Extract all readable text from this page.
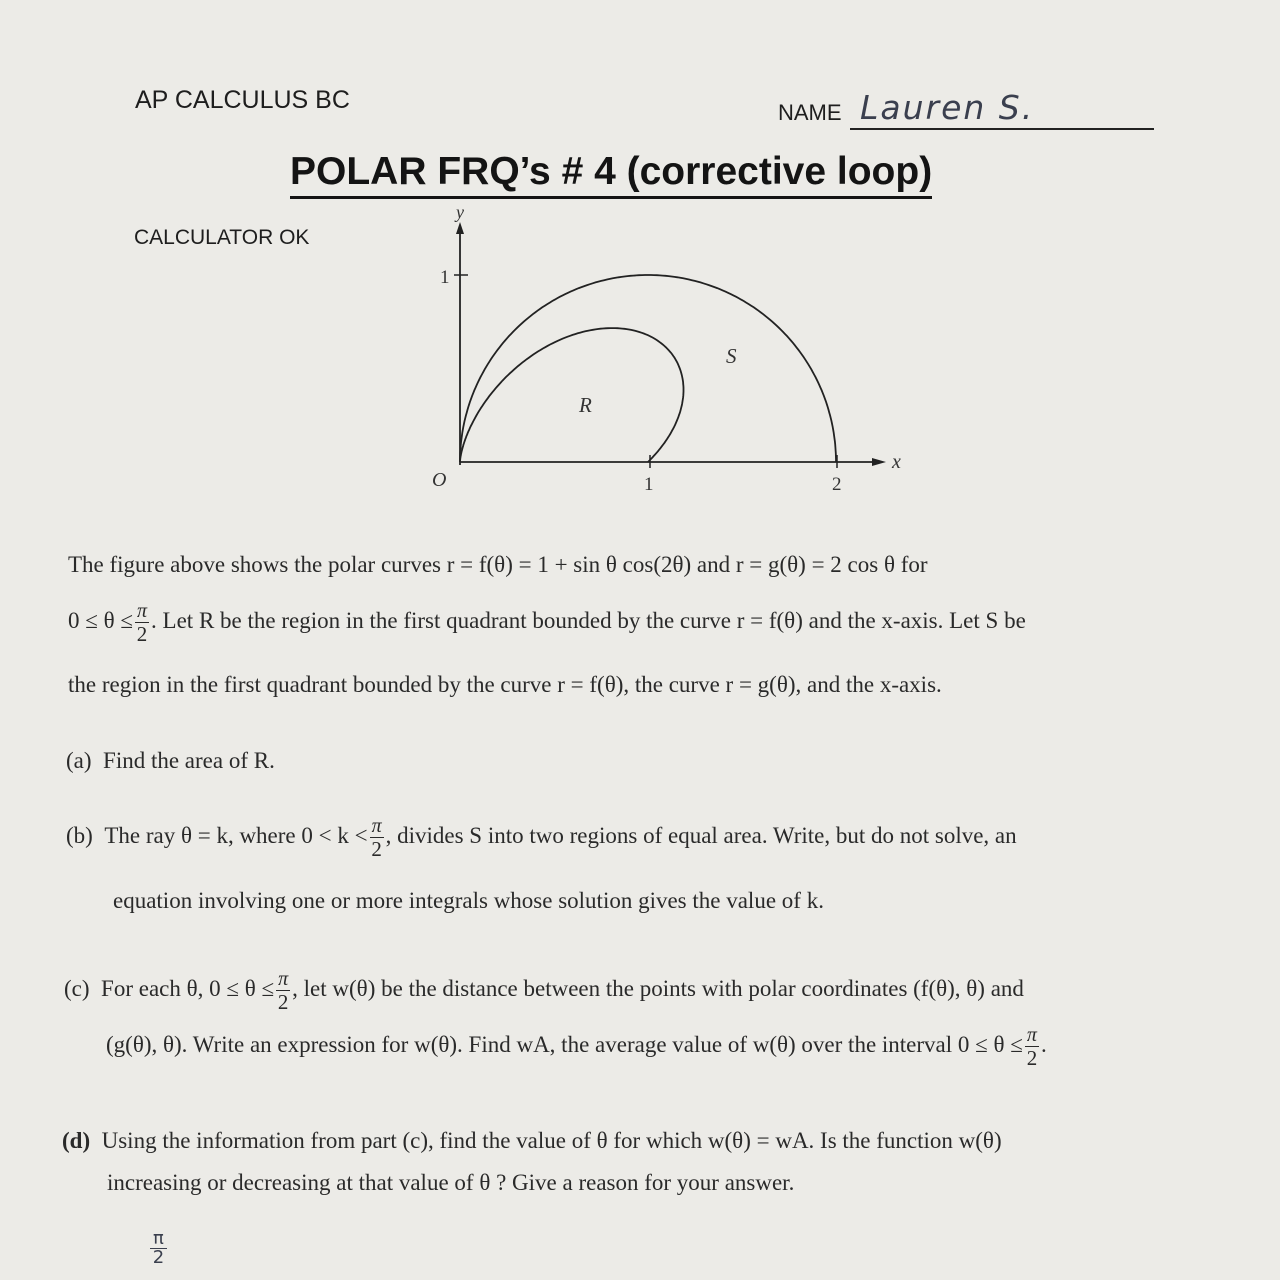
AP CALCULUS BC	NAME Lauren S.
POLAR FRQ’s # 4 (corrective loop)
CALCULATOR OK
y
x
O
1
1	2
R
S
The figure above shows the polar curves r = f(θ) = 1 + sin θ cos(2θ) and r = g(θ) = 2 cos θ for
$0 \le \theta \le \frac{\pi}{2}$ . Let R be the region in the first quadrant bounded by the curve r = f(θ) and the x-axis. Let S be
the region in the first quadrant bounded by the curve r = f(θ), the curve r = g(θ), and the x-axis.
(a) Find the area of R.
(b) The ray θ = k, where $0 < k < \frac{\pi}{2}$ , divides S into two regions of equal area. Write, but do not solve, an
equation involving one or more integrals whose solution gives the value of k.
(c) For each θ, $0 \le \theta \le \frac{\pi}{2}$ , let w(θ) be the distance between the points with polar coordinates (f(θ), θ) and
(g(θ), θ). Write an expression for w(θ). Find wA, the average value of w(θ) over the interval $0 \le \theta \le \frac{\pi}{2}$ .
(d) Using the information from part (c), find the value of θ for which w(θ) = wA. Is the function w(θ)
increasing or decreasing at that value of θ ? Give a reason for your answer.
$\frac{\pi}{2}$
